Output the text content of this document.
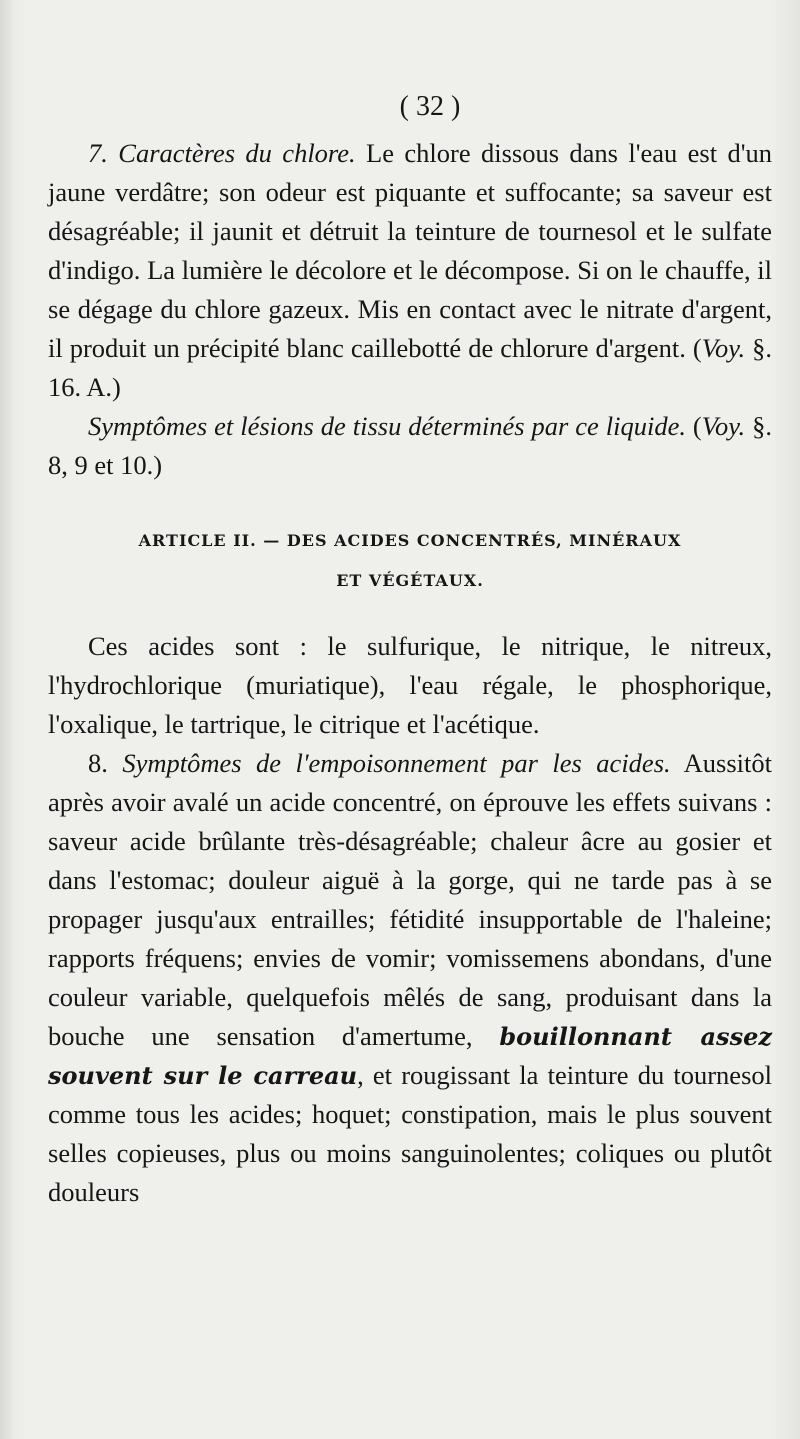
( 32 )

7. Caractères du chlore. Le chlore dissous dans l'eau est d'un jaune verdâtre; son odeur est piquante et suffocante; sa saveur est désagréable; il jaunit et détruit la teinture de tournesol et le sulfate d'indigo. La lumière le décolore et le décompose. Si on le chauffe, il se dégage du chlore gazeux. Mis en contact avec le nitrate d'argent, il produit un précipité blanc caillebotté de chlorure d'argent. (Voy. §. 16. A.)

Symptômes et lésions de tissu déterminés par ce liquide. (Voy. §. 8, 9 et 10.)

ARTICLE II. — DES ACIDES CONCENTRÉS, MINÉRAUX
ET VÉGÉTAUX.

Ces acides sont : le sulfurique, le nitrique, le nitreux, l'hydrochlorique (muriatique), l'eau régale, le phosphorique, l'oxalique, le tartrique, le citrique et l'acétique.

8. Symptômes de l'empoisonnement par les acides. Aussitôt après avoir avalé un acide concentré, on éprouve les effets suivans : saveur acide brûlante très-désagréable; chaleur âcre au gosier et dans l'estomac; douleur aiguë à la gorge, qui ne tarde pas à se propager jusqu'aux entrailles; fétidité insupportable de l'haleine; rapports fréquens; envies de vomir; vomissemens abondans, d'une couleur variable, quelquefois mêlés de sang, produisant dans la bouche une sensation d'amertume, bouillonnant assez souvent sur le carreau, et rougissant la teinture du tournesol comme tous les acides; hoquet; constipation, mais le plus souvent selles copieuses, plus ou moins sanguinolentes; coliques ou plutôt douleurs
